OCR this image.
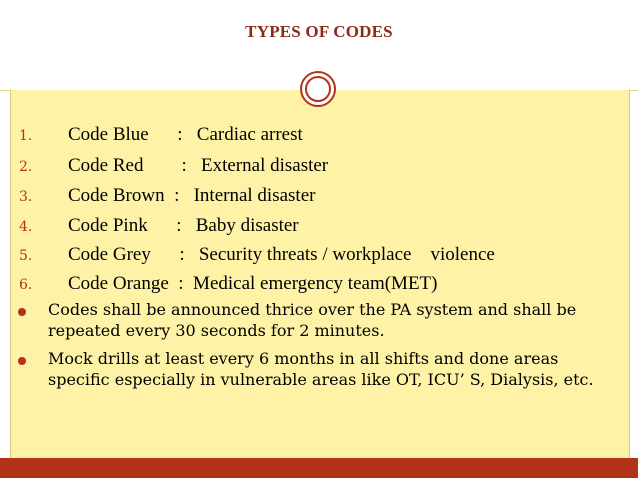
TYPES OF CODES
1. Code Blue      :   Cardiac arrest
2. Code Red        :   External disaster
3. Code Brown  :   Internal disaster
4. Code Pink      :   Baby disaster
5. Code Grey      :   Security threats / workplace    violence
6. Code Orange  :  Medical emergency team(MET)
Codes shall be announced thrice over the PA system and shall be repeated every 30 seconds for 2 minutes.
Mock drills at least every 6 months in all shifts and done areas specific especially in vulnerable areas like OT, ICU’ S, Dialysis, etc.
